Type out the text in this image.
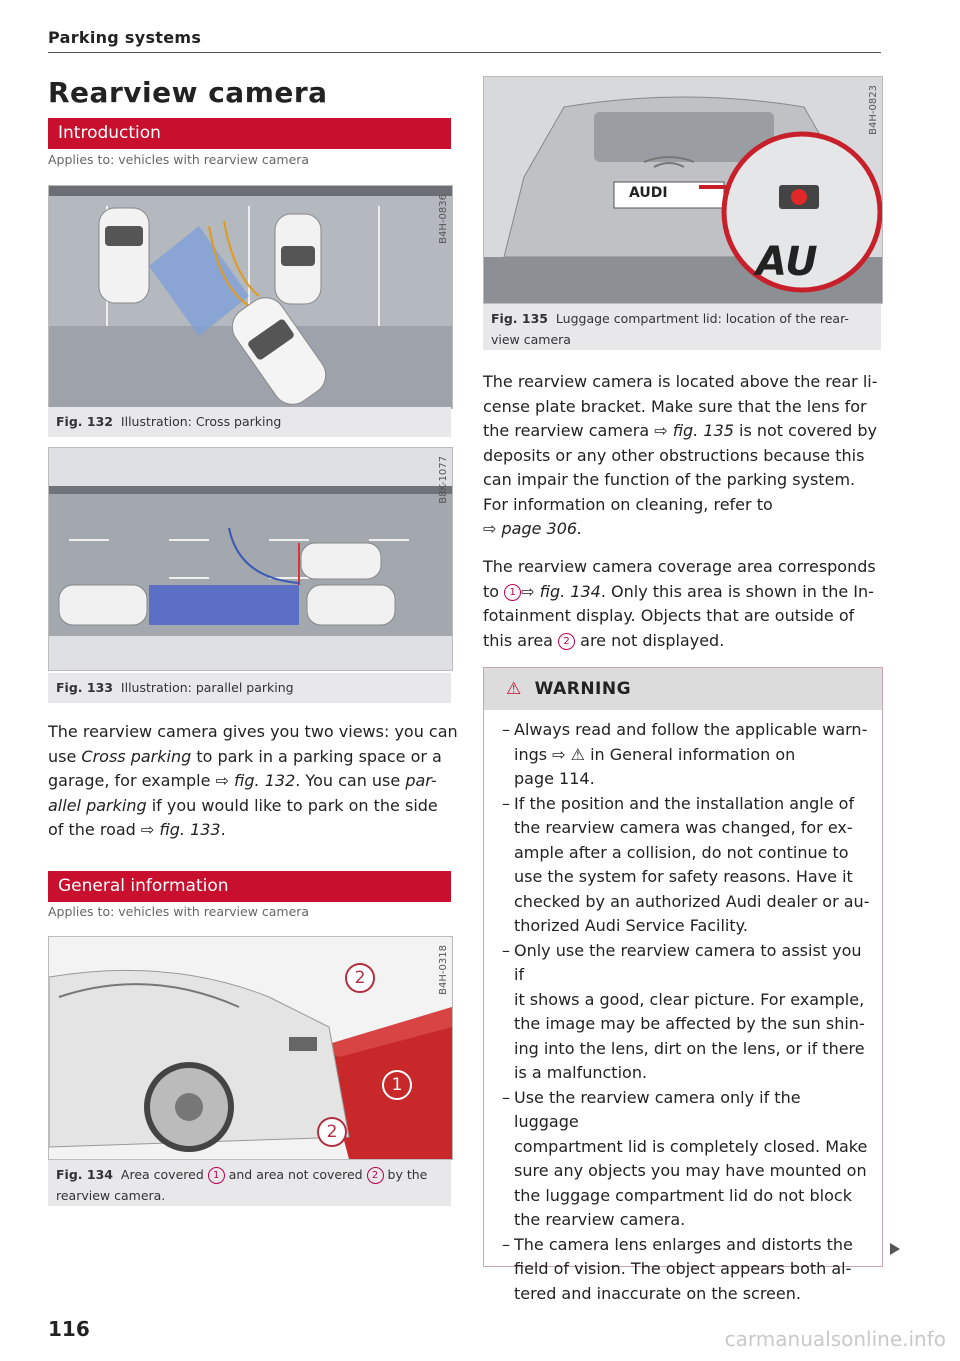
Parking systems
Rearview camera
Introduction
Applies to: vehicles with rearview camera
B4H-0836
Fig. 132 Illustration: Cross parking
B8K-1077
Fig. 133 Illustration: parallel parking
The rearview camera gives you two views: you can
use Cross parking to park in a parking space or a
garage, for example ⇨ fig. 132. You can use par-
allel parking if you would like to park on the side
of the road ⇨ fig. 133.
General information
Applies to: vehicles with rearview camera
2
1
2
B4H-0318
Fig. 134 Area covered 1 and area not covered 2 by the
rearview camera.
AUDI
AU
B4H-0823
Fig. 135 Luggage compartment lid: location of the rear-
view camera
The rearview camera is located above the rear li-
cense plate bracket. Make sure that the lens for
the rearview camera ⇨ fig. 135 is not covered by
deposits or any other obstructions because this
can impair the function of the parking system.
For information on cleaning, refer to
⇨ page 306.
The rearview camera coverage area corresponds
to 1 ⇨ fig. 134. Only this area is shown in the In-
fotainment display. Objects that are outside of
this area 2 are not displayed.
⚠ WARNING
– Always read and follow the applicable warn-
ings ⇨ ⚠ in General information on
page 114.
– If the position and the installation angle of
the rearview camera was changed, for ex-
ample after a collision, do not continue to
use the system for safety reasons. Have it
checked by an authorized Audi dealer or au-
thorized Audi Service Facility.
– Only use the rearview camera to assist you if
it shows a good, clear picture. For example,
the image may be affected by the sun shin-
ing into the lens, dirt on the lens, or if there
is a malfunction.
– Use the rearview camera only if the luggage
compartment lid is completely closed. Make
sure any objects you may have mounted on
the luggage compartment lid do not block
the rearview camera.
– The camera lens enlarges and distorts the
field of vision. The object appears both al-
tered and inaccurate on the screen.
116	carmanualsonline.info
